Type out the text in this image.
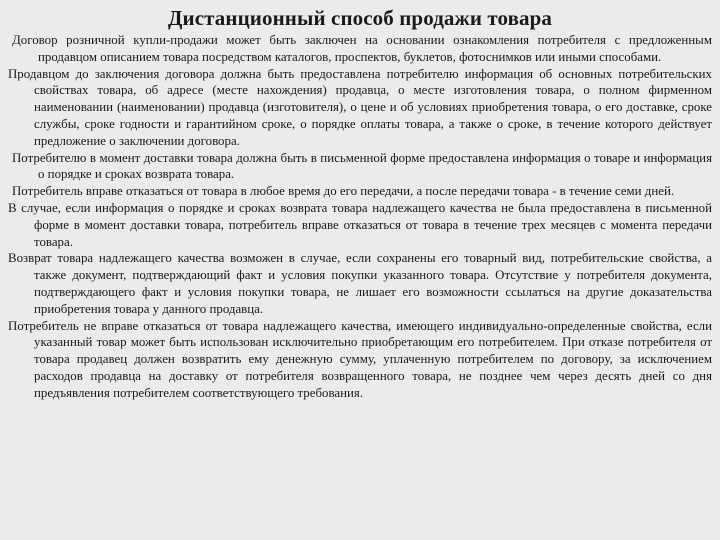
Дистанционный способ продажи товара

Договор розничной купли-продажи может быть заключен на основании ознакомления потребителя с предложенным продавцом описанием товара посредством каталогов, проспектов, буклетов, фотоснимков или иными способами.

Продавцом до заключения договора должна быть предоставлена потребителю информация об основных потребительских свойствах товара, об адресе (месте нахождения) продавца, о месте изготовления товара, о полном фирменном наименовании (наименовании) продавца (изготовителя), о цене и об условиях приобретения товара, о его доставке, сроке службы, сроке годности и гарантийном сроке, о порядке оплаты товара, а также о сроке, в течение которого действует предложение о заключении договора.

Потребителю в момент доставки товара должна быть в письменной форме предоставлена информация о товаре и информация о порядке и сроках возврата товара.

Потребитель вправе отказаться от товара в любое время до его передачи, а после передачи товара - в течение семи дней.

В случае, если информация о порядке и сроках возврата товара надлежащего качества не была предоставлена в письменной форме в момент доставки товара, потребитель вправе отказаться от товара в течение трех месяцев с момента передачи товара.

Возврат товара надлежащего качества возможен в случае, если сохранены его товарный вид, потребительские свойства, а также документ, подтверждающий факт и условия покупки указанного товара. Отсутствие у потребителя документа, подтверждающего факт и условия покупки товара, не лишает его возможности ссылаться на другие доказательства приобретения товара у данного продавца.

Потребитель не вправе отказаться от товара надлежащего качества, имеющего индивидуально-определенные свойства, если указанный товар может быть использован исключительно приобретающим его потребителем. При отказе потребителя от товара продавец должен возвратить ему денежную сумму, уплаченную потребителем по договору, за исключением расходов продавца на доставку от потребителя возвращенного товара, не позднее чем через десять дней со дня предъявления потребителем соответствующего требования.
